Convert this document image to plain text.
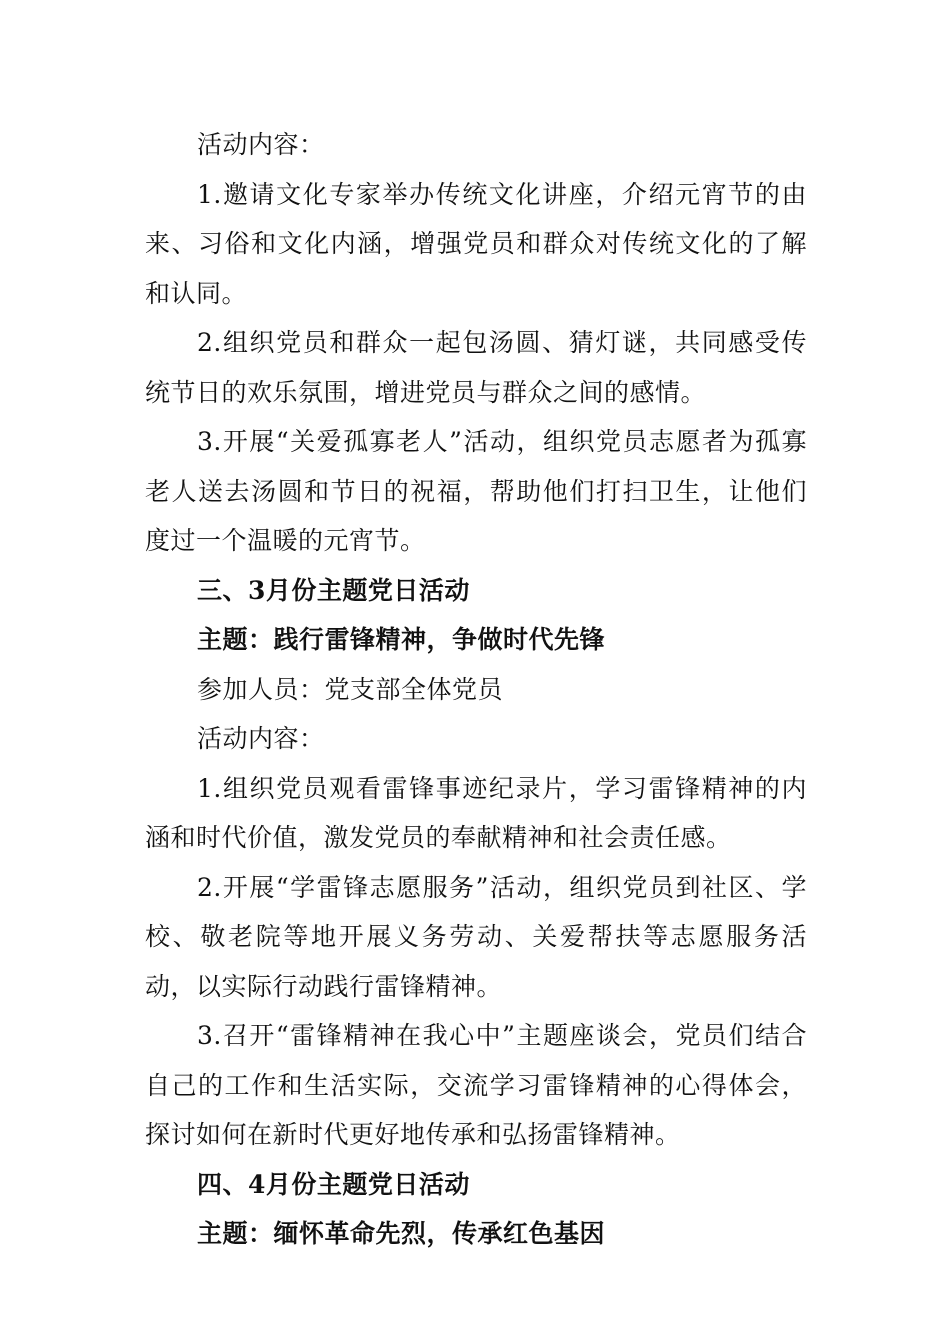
活动内容：

1.邀请文化专家举办传统文化讲座，介绍元宵节的由来、习俗和文化内涵，增强党员和群众对传统文化的了解和认同。

2.组织党员和群众一起包汤圆、猜灯谜，共同感受传统节日的欢乐氛围，增进党员与群众之间的感情。

3.开展“关爱孤寡老人”活动，组织党员志愿者为孤寡老人送去汤圆和节日的祝福，帮助他们打扫卫生，让他们度过一个温暖的元宵节。

三、3月份主题党日活动

主题：践行雷锋精神，争做时代先锋

参加人员：党支部全体党员

活动内容：

1.组织党员观看雷锋事迹纪录片，学习雷锋精神的内涵和时代价值，激发党员的奉献精神和社会责任感。

2.开展“学雷锋志愿服务”活动，组织党员到社区、学校、敬老院等地开展义务劳动、关爱帮扶等志愿服务活动，以实际行动践行雷锋精神。

3.召开“雷锋精神在我心中”主题座谈会，党员们结合自己的工作和生活实际，交流学习雷锋精神的心得体会，探讨如何在新时代更好地传承和弘扬雷锋精神。

四、4月份主题党日活动

主题：缅怀革命先烈，传承红色基因
